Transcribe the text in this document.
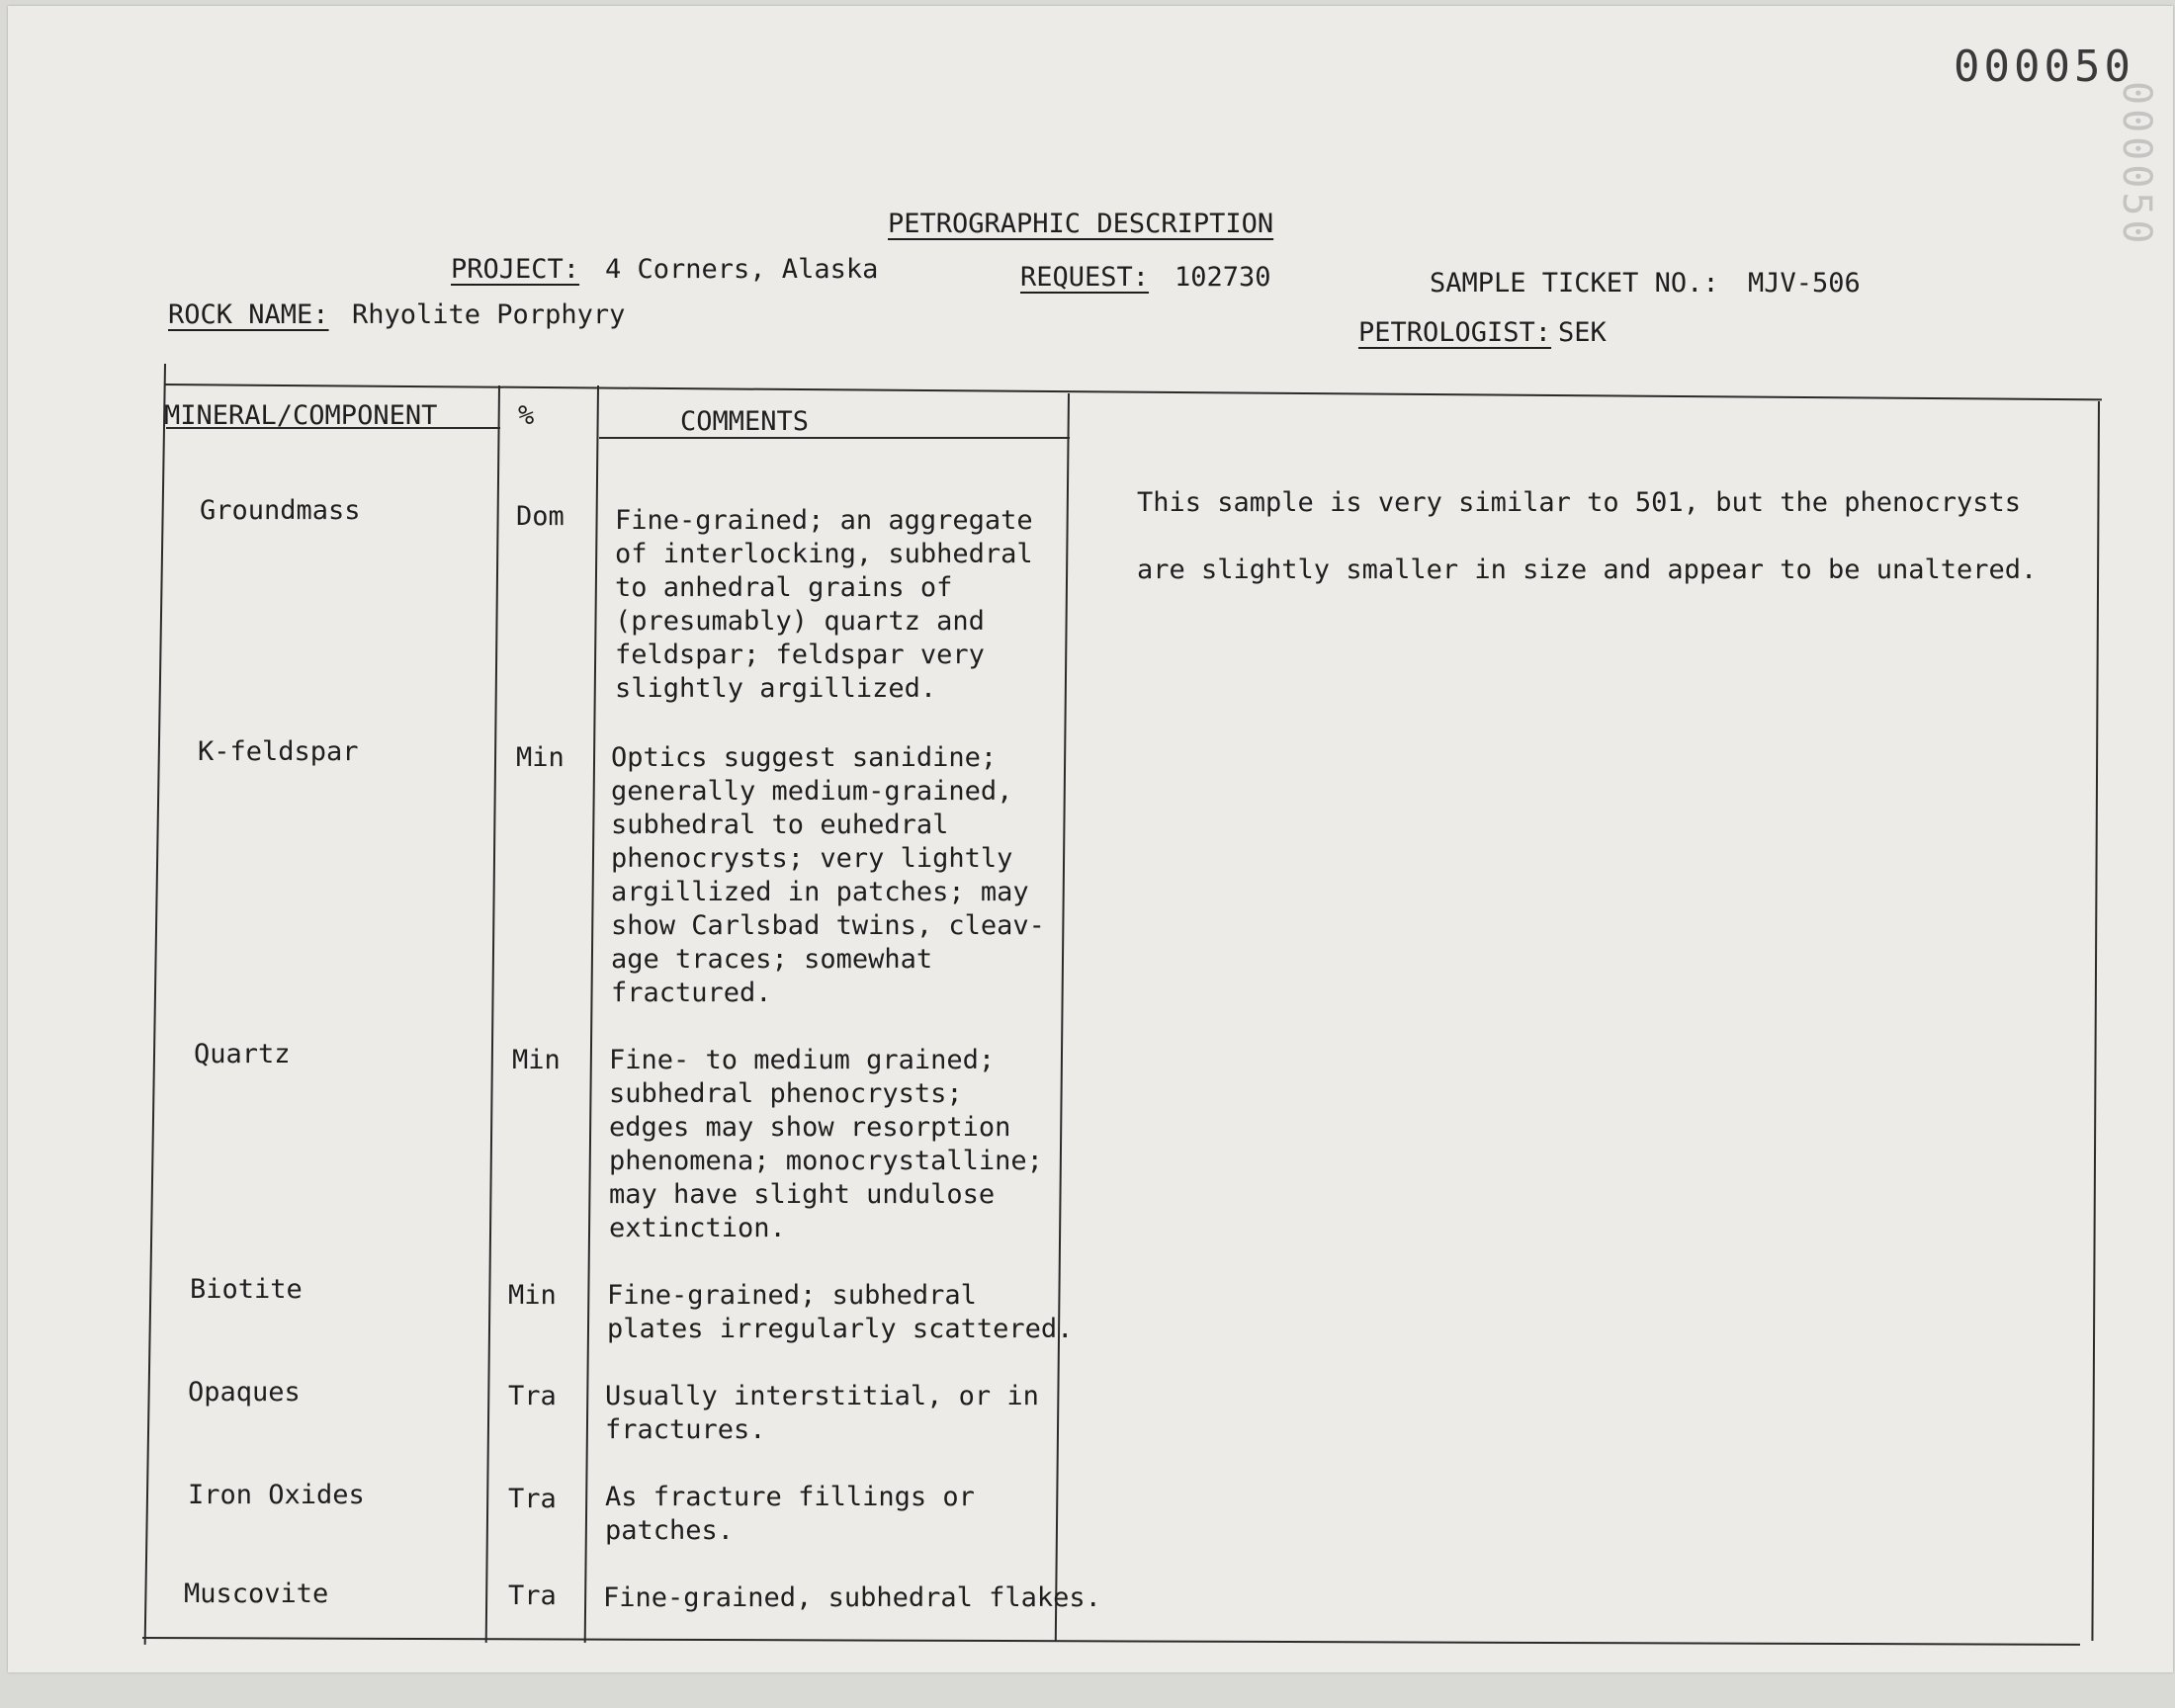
000050
000050
PETROGRAPHIC DESCRIPTION
PROJECT: 4 Corners, Alaska	REQUEST: 102730	SAMPLE TICKET NO.: MJV-506
ROCK NAME: Rhyolite Porphyry
PETROLOGIST: SEK
MINERAL/COMPONENT	%	COMMENTS
Groundmass	Dom Fine-grained; an aggregate
of interlocking, subhedral
to anhedral grains of
(presumably) quartz and
feldspar; feldspar very
slightly argillized.
K-feldspar	Min Optics suggest sanidine;
generally medium-grained,
subhedral to euhedral
phenocrysts; very lightly
argillized in patches; may
show Carlsbad twins, cleav-
age traces; somewhat
fractured.
Quartz	Min Fine- to medium grained;
subhedral phenocrysts;
edges may show resorption
phenomena; monocrystalline;
may have slight undulose
extinction.
Biotite	Min Fine-grained; subhedral
plates irregularly scattered.
Opaques	Tra Usually interstitial, or in
fractures.
Iron Oxides	Tra As fracture fillings or
patches.
Muscovite	Tra Fine-grained, subhedral flakes.
This sample is very similar to 501, but the phenocrysts
are slightly smaller in size and appear to be unaltered.
